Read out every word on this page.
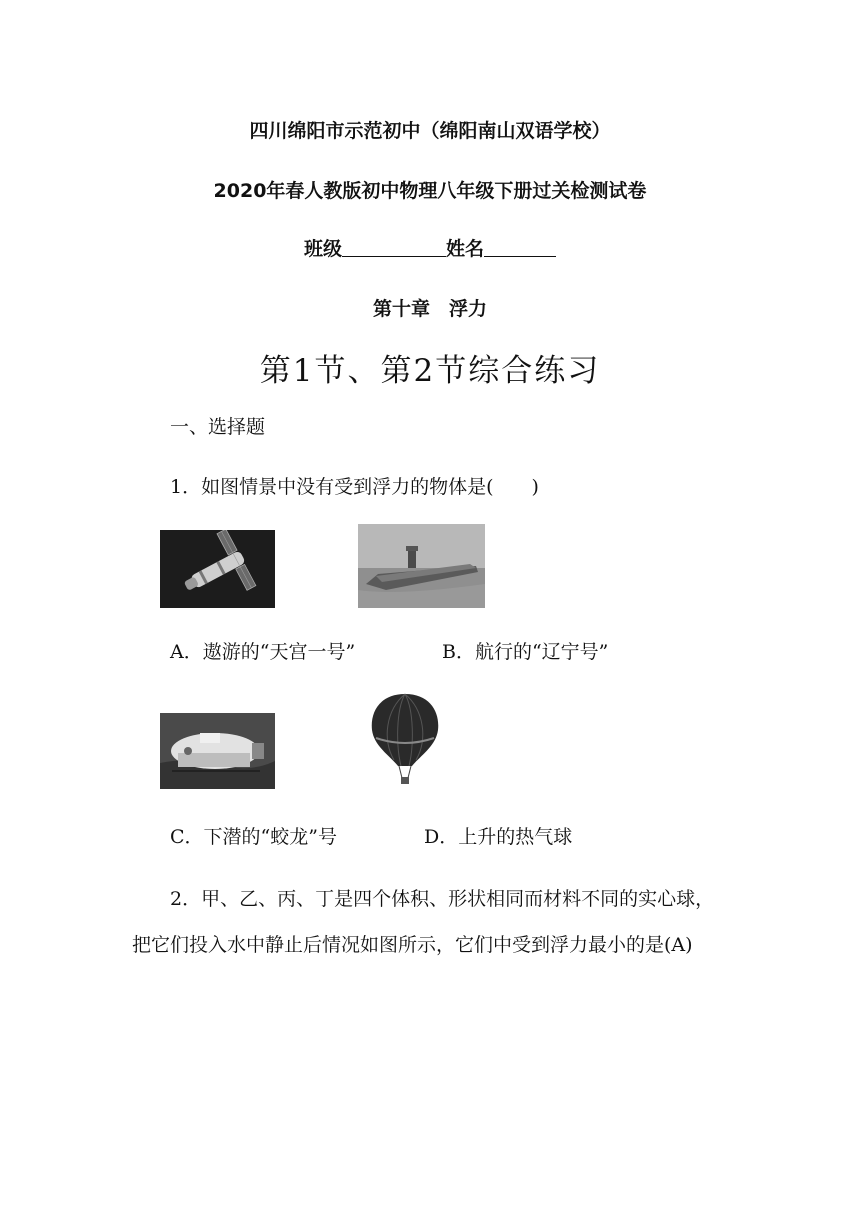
四川绵阳市示范初中（绵阳南山双语学校）
2020年春人教版初中物理八年级下册过关检测试卷
班级	姓名
第十章　浮力
第1节、第2节综合练习
一、选择题
1．如图情景中没有受到浮力的物体是(　　)
A．遨游的“天宫一号”	B．航行的“辽宁号”
C．下潜的“蛟龙”号	D．上升的热气球
2．甲、乙、丙、丁是四个体积、形状相同而材料不同的实心球，
把它们投入水中静止后情况如图所示，它们中受到浮力最小的是(A)
